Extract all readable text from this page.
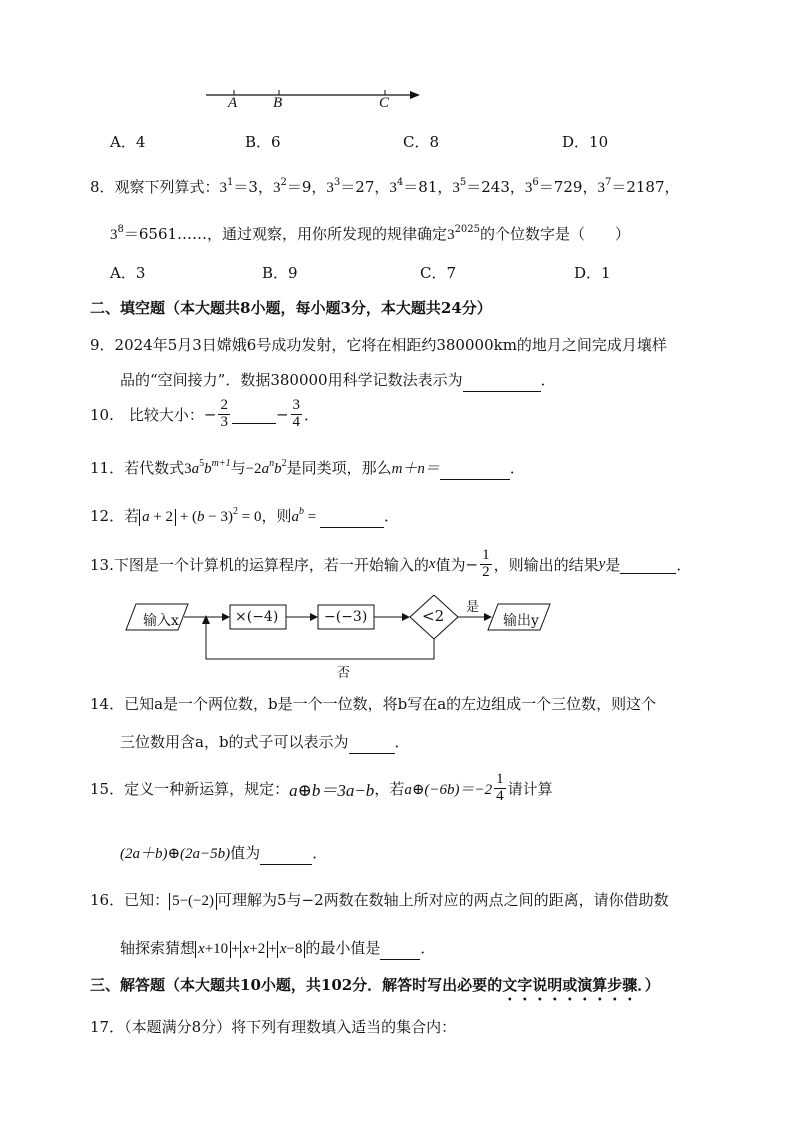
A B	C
A．4	B．6	C．8	D．10
8．观察下列算式：$3^1=3$，$3^2=9$，$3^3=27$，$3^4=81$，$3^5=243$，$3^6=729$，$3^7=2187$，
$3^8=6561\dots\dots$，通过观察，用你所发现的规律确定$3^{2025}$的个位数字是（　　）
A．3	B．9	C．7	D．1
二、填空题（本大题共8小题，每小题3分，本大题共24分）
9．2024年5月3日嫦娥6号成功发射，它将在相距约380000km的地月之间完成月壤样
品的“空间接力”．数据380000用科学记数法表示为	．
10.　比较大小：− $\frac{2}{3}$	− $\frac{3}{4}$ ．
11．若代数式$3a^5b^{m+1}$与$-2a^nb^2$是同类项，那么m＋n＝	．
12．若 $a + 2 + (b - 3)^2 = 0$，则$a^b$ =	．
13.下图是一个计算机的运算程序，若一开始输入的x值为− $\frac{1}{2}$ ，则输出的结果y是	．
输入x	×(−4)	−(−3)	<2 是
输出y
否
14．已知a是一个两位数，b是一个一位数，将b写在a的左边组成一个三位数，则这个
三位数用含a，b的式子可以表示为	．
15．定义一种新运算，规定：a⊕b＝3a−b，若a⊕(−6b)＝−2 $\frac{1}{4}$ 请计算
(2a＋b)⊕(2a−5b)值为	．
16．已知： 5−(−2) 可理解为5与−2两数在数轴上所对应的两点之间的距离，请你借助数
轴探索猜想 x+10 + x+2 + x−8 的最小值是	．
三、解答题（本大题共10小题，共102分．解答时写出必要的文字说明或演算步骤．）
17．（本题满分8分）将下列有理数填入适当的集合内：
